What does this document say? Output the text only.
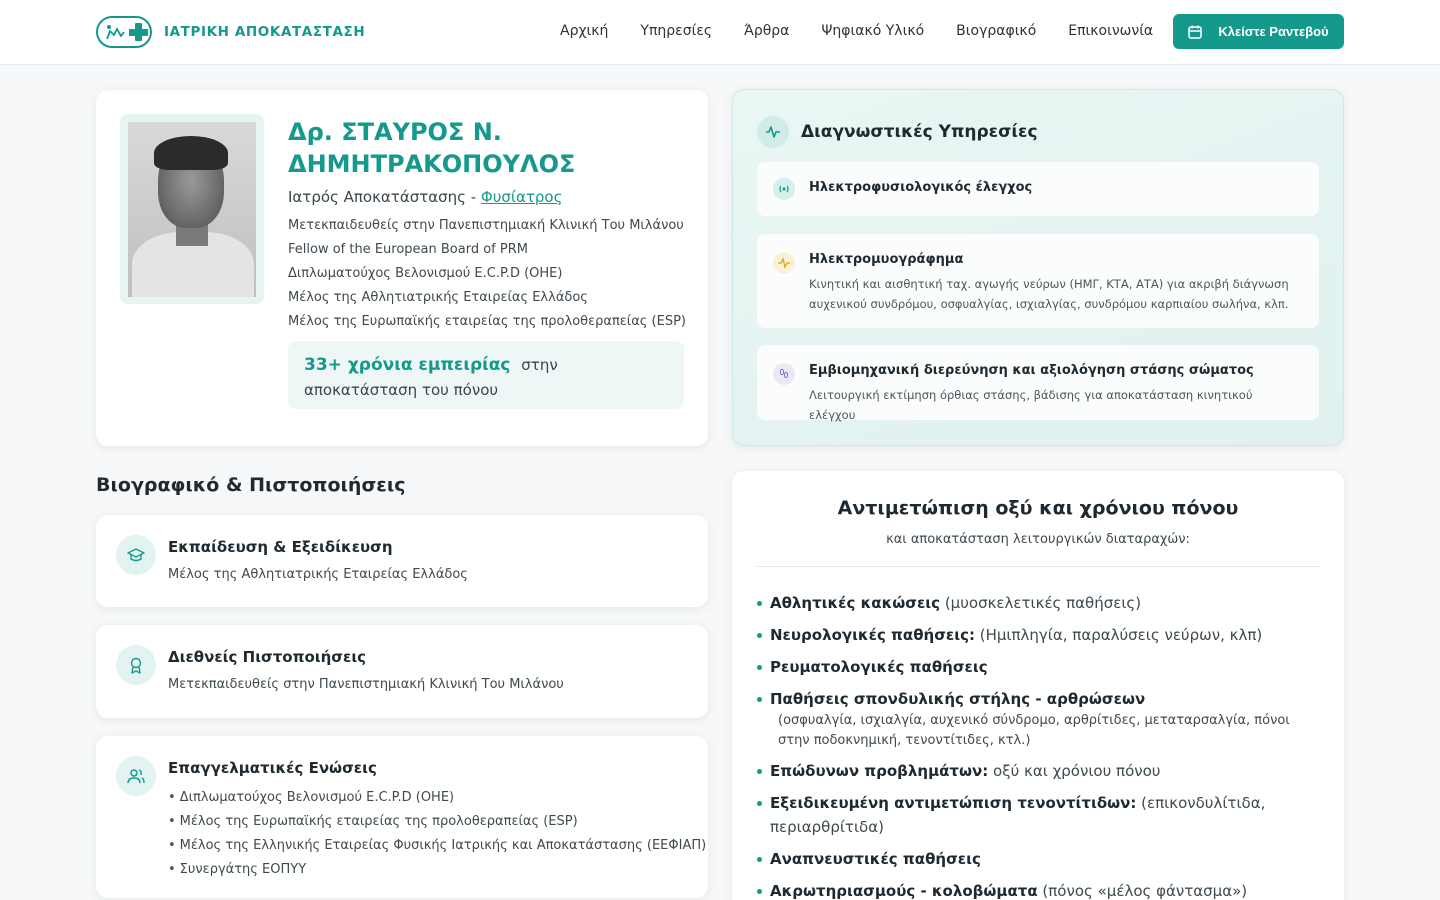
ΙΑΤΡΙΚΗ ΑΠΟΚΑΤΑΣΤΑΣΗ	Αρχική Υπηρεσίες Άρθρα Ψηφιακό Υλικό Βιογραφικό Επικοινωνία	Κλείστε Ραντεβού
Δρ. ΣΤΑΥΡΟΣ Ν. ΔΗΜΗΤΡΑΚΟΠΟΥΛΟΣ
Ιατρός Αποκατάστασης - Φυσίατρος
Μετεκπαιδευθείς στην Πανεπιστημιακή Κλινική Του Μιλάνου
Fellow of the European Board of PRM
Διπλωματούχος Βελονισμού E.C.P.D (OHE)
Μέλος της Αθλητιατρικής Εταιρείας Ελλάδος
Μέλος της Ευρωπαϊκής εταιρείας της προλοθεραπείας (ESP)
33+ χρόνια εμπειρίας στην αποκατάσταση του πόνου
Διαγνωστικές Υπηρεσίες
Ηλεκτροφυσιολογικός έλεγχος
Ηλεκτρομυογράφημα
Κινητική και αισθητική ταχ. αγωγής νεύρων (ΗΜΓ, ΚΤΑ, ΑΤΑ) για ακριβή διάγνωση αυχενικού συνδρόμου, οσφυαλγίας, ισχιαλγίας, συνδρόμου καρπιαίου σωλήνα, κλπ.
Εμβιομηχανική διερεύνηση και αξιολόγηση στάσης σώματος
Λειτουργική εκτίμηση όρθιας στάσης, βάδισης για αποκατάσταση κινητικού ελέγχου
Βιογραφικό & Πιστοποιήσεις
Εκπαίδευση & Εξειδίκευση
Μέλος της Αθλητιατρικής Εταιρείας Ελλάδος
Διεθνείς Πιστοποιήσεις
Μετεκπαιδευθείς στην Πανεπιστημιακή Κλινική Του Μιλάνου
Επαγγελματικές Ενώσεις
• Διπλωματούχος Βελονισμού E.C.P.D (OHE)
• Μέλος της Ευρωπαϊκής εταιρείας της προλοθεραπείας (ESP)
• Μέλος της Ελληνικής Εταιρείας Φυσικής Ιατρικής και Αποκατάστασης (ΕΕΦΙΑΠ)
• Συνεργάτης ΕΟΠΥΥ
Αντιμετώπιση οξύ και χρόνιου πόνου
και αποκατάσταση λειτουργικών διαταραχών:
Αθλητικές κακώσεις (μυοσκελετικές παθήσεις)
Νευρολογικές παθήσεις: (Ημιπληγία, παραλύσεις νεύρων, κλπ)
Ρευματολογικές παθήσεις
Παθήσεις σπονδυλικής στήλης - αρθρώσεων
(οσφυαλγία, ισχιαλγία, αυχενικό σύνδρομο, αρθρίτιδες, μεταταρσαλγία, πόνοι στην ποδοκνημική, τενοντίτιδες, κτλ.)
Επώδυνων προβλημάτων: οξύ και χρόνιου πόνου
Εξειδικευμένη αντιμετώπιση τενοντίτιδων: (επικονδυλίτιδα, περιαρθρίτιδα)
Αναπνευστικές παθήσεις
Ακρωτηριασμούς - κολοβώματα (πόνος «μέλος φάντασμα»)
